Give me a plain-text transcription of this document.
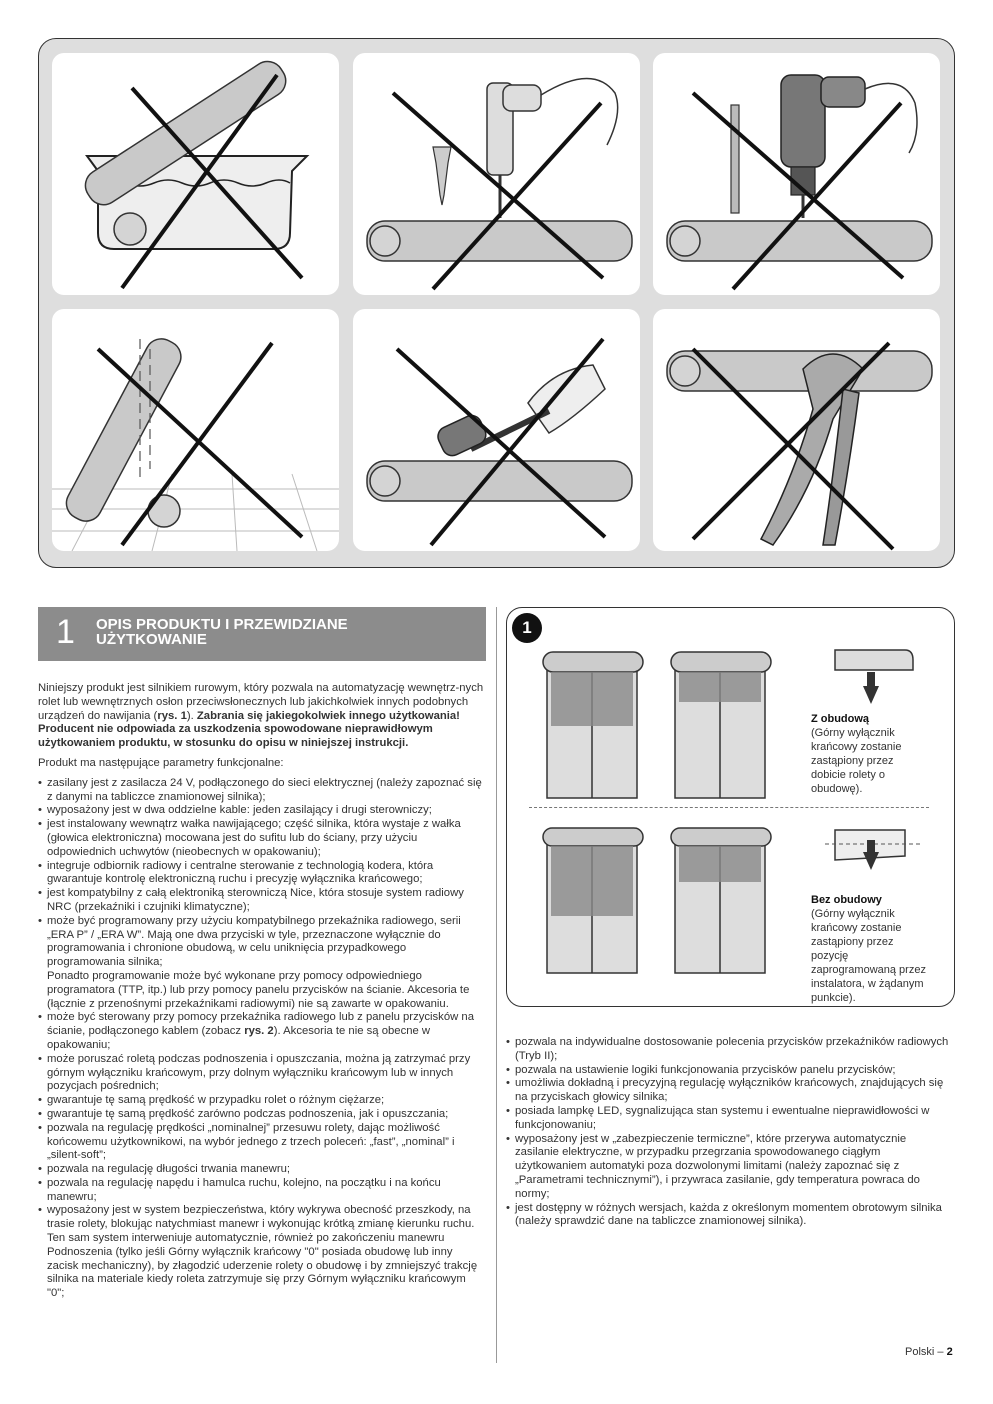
1 OPIS PRODUKTU I PRZEWIDZIANE
UŻYTKOWANIE

Niniejszy produkt jest silnikiem rurowym, który pozwala na automatyzację wewnętrz-nych rolet lub wewnętrznych osłon przeciwsłonecznych lub jakichkolwiek innych podobnych urządzeń do nawijania (rys. 1). Zabrania się jakiegokolwiek innego użytkowania! Producent nie odpowiada za uszkodzenia spowodowane nieprawidłowym użytkowaniem produktu, w stosunku do opisu w niniejszej instrukcji.

Produkt ma następujące parametry funkcjonalne:

• zasilany jest z zasilacza 24 V, podłączonego do sieci elektrycznej (należy zapoznać się z danymi na tabliczce znamionowej silnika);
• wyposażony jest w dwa oddzielne kable: jeden zasilający i drugi sterowniczy;
• jest instalowany wewnątrz wałka nawijającego; część silnika, która wystaje z wałka (głowica elektroniczna) mocowana jest do sufitu lub do ściany, przy użyciu odpowiednich uchwytów (nieobecnych w opakowaniu);
• integruje odbiornik radiowy i centralne sterowanie z technologią kodera, która gwarantuje kontrolę elektroniczną ruchu i precyzję wyłącznika krańcowego;
• jest kompatybilny z całą elektroniką sterowniczą Nice, która stosuje system radiowy NRC (przekaźniki i czujniki klimatyczne);
• może być programowany przy użyciu kompatybilnego przekaźnika radiowego, serii „ERA P” / „ERA W”. Mają one dwa przyciski w tyle, przeznaczone wyłącznie do programowania i chronione obudową, w celu uniknięcia przypadkowego programowania silnika;
Ponadto programowanie może być wykonane przy pomocy odpowiedniego programatora (TTP, itp.) lub przy pomocy panelu przycisków na ścianie. Akcesoria te (łącznie z przenośnymi przekaźnikami radiowymi) nie są zawarte w opakowaniu.
• może być sterowany przy pomocy przekaźnika radiowego lub z panelu przycisków na ścianie, podłączonego kablem (zobacz rys. 2). Akcesoria te nie są obecne w opakowaniu;
• może poruszać roletą podczas podnoszenia i opuszczania, można ją zatrzymać przy górnym wyłączniku krańcowym, przy dolnym wyłączniku krańcowym lub w innych pozycjach pośrednich;
• gwarantuje tę samą prędkość w przypadku rolet o różnym ciężarze;
• gwarantuje tę samą prędkość zarówno podczas podnoszenia, jak i opuszczania;
• pozwala na regulację prędkości „nominalnej” przesuwu rolety, dając możliwość końcowemu użytkownikowi, na wybór jednego z trzech poleceń: „fast”, „nominal” i „silent-soft”;
• pozwala na regulację długości trwania manewru;
• pozwala na regulację napędu i hamulca ruchu, kolejno, na początku i na końcu manewru;
• wyposażony jest w system bezpieczeństwa, który wykrywa obecność przeszkody, na trasie rolety, blokując natychmiast manewr i wykonując krótką zmianę kierunku ruchu. Ten sam system interweniuje automatycznie, również po zakończeniu manewru Podnoszenia (tylko jeśli Górny wyłącznik krańcowy "0" posiada obudowę lub inny zacisk mechaniczny), by złagodzić uderzenie rolety o obudowę i by zmniejszyć trakcję silnika na materiale kiedy roleta zatrzymuje się przy Górnym wyłączniku krańcowym "0";
1
Z obudową
(Górny wyłącznik krańcowy zostanie zastąpiony przez dobicie rolety o obudowę).
Bez obudowy
(Górny wyłącznik krańcowy zostanie zastąpiony przez pozycję zaprogramowaną przez instalatora, w żądanym punkcie).
• pozwala na indywidualne dostosowanie polecenia przycisków przekaźników radiowych (Tryb II);
• pozwala na ustawienie logiki funkcjonowania przycisków panelu przycisków;
• umożliwia dokładną i precyzyjną regulację wyłączników krańcowych, znajdujących się na przyciskach głowicy silnika;
• posiada lampkę LED, sygnalizująca stan systemu i ewentualne nieprawidłowości w funkcjonowaniu;
• wyposażony jest w „zabezpieczenie termiczne”, które przerywa automatycznie zasilanie elektryczne, w przypadku przegrzania spowodowanego ciągłym użytkowaniem automatyki poza dozwolonymi limitami (należy zapoznać się z „Parametrami technicznymi”), i przywraca zasilanie, gdy temperatura powraca do normy;
• jest dostępny w różnych wersjach, każda z określonym momentem obrotowym silnika (należy sprawdzić dane na tabliczce znamionowej silnika).
Polski – 2
